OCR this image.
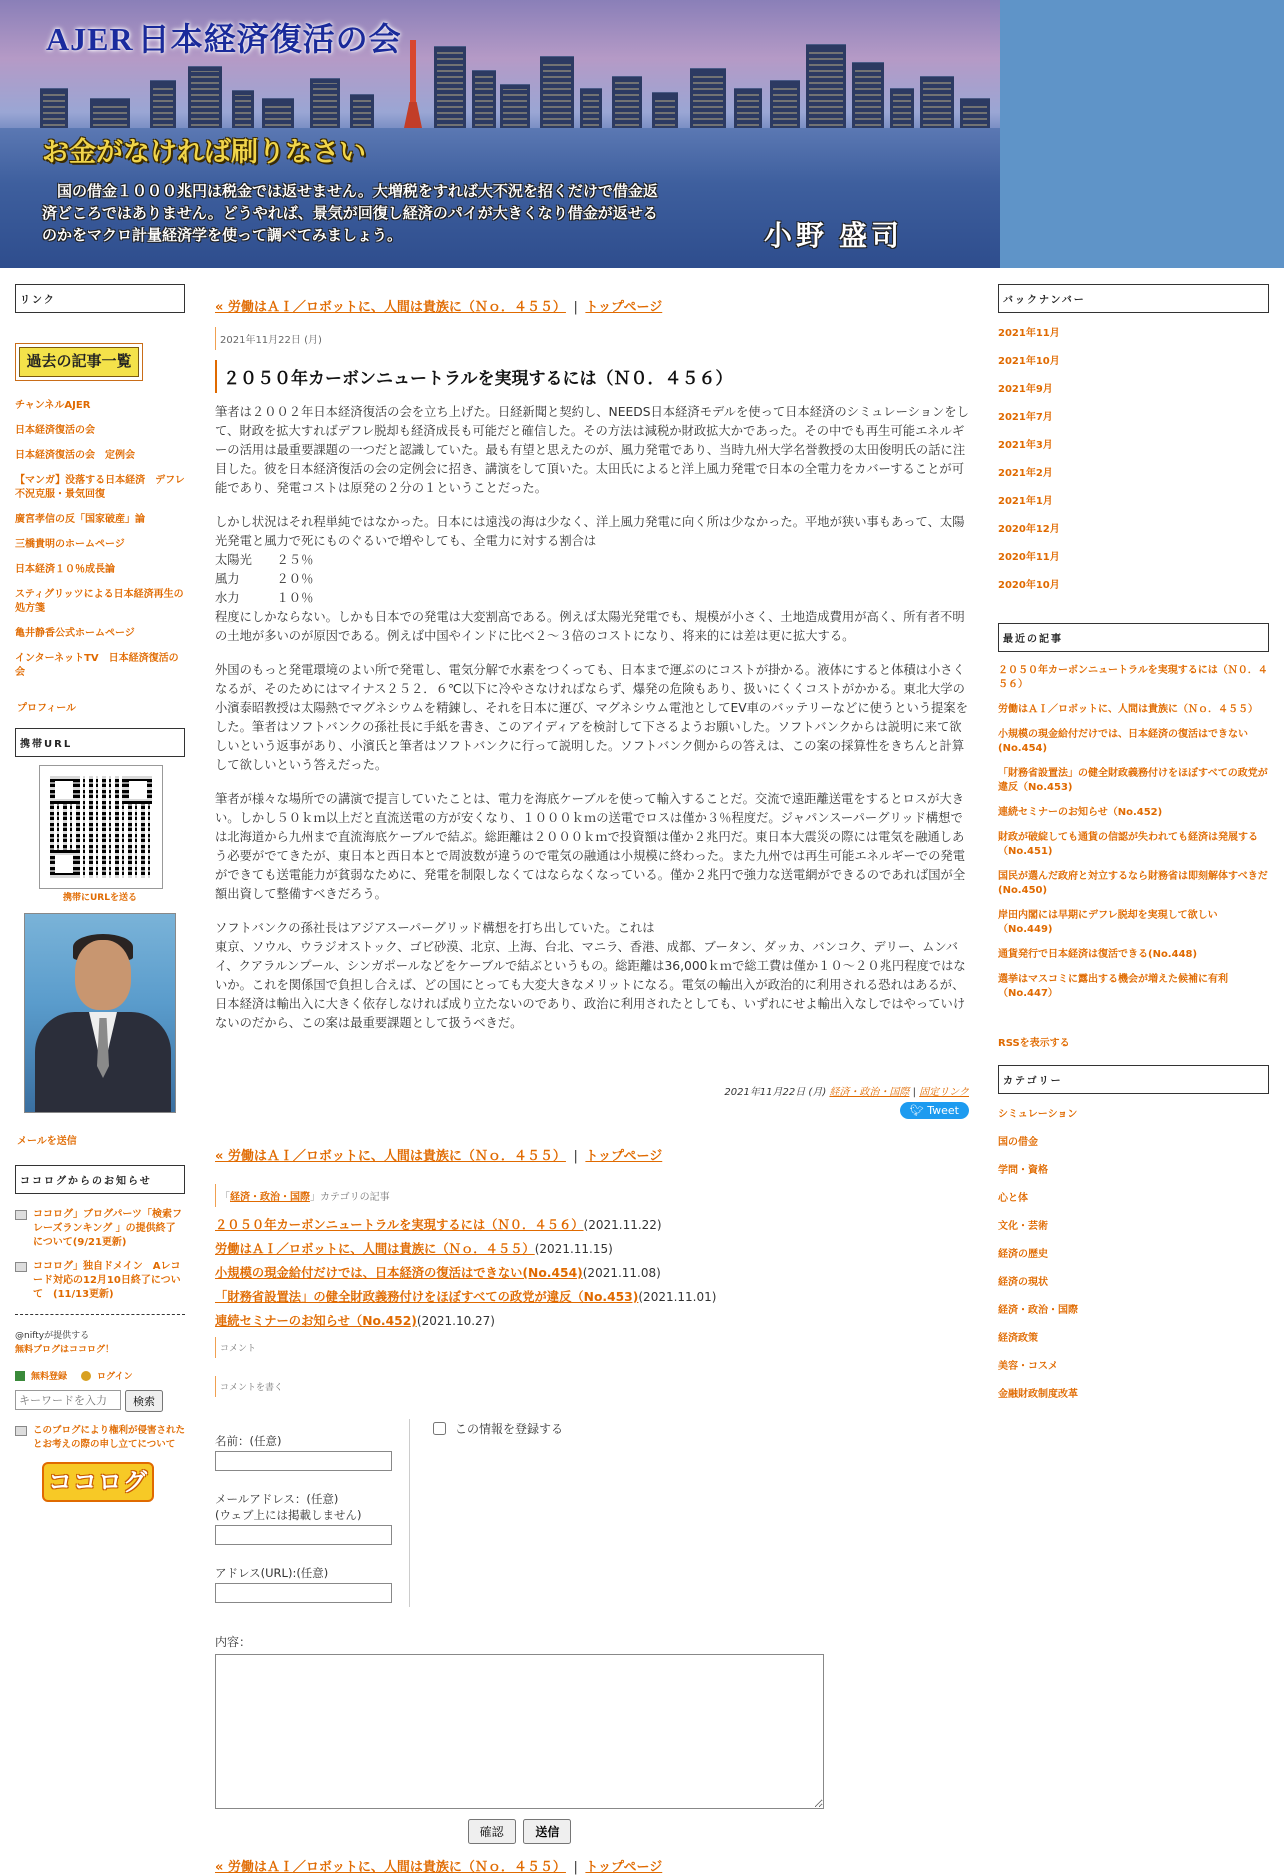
AJER 日本経済復活の会
お金がなければ刷りなさい
　国の借金１０００兆円は税金では返せません。大増税をすれば大不況を招くだけで借金返済どころではありません。どうやれば、景気が回復し経済のパイが大きくなり借金が返せるのかをマクロ計量経済学を使って調べてみましょう。	小野 盛司
リンク
過去の記事一覧
チャンネルAJER
日本経済復活の会
日本経済復活の会　定例会
【マンガ】没落する日本経済　デフレ不況克服・景気回復
廣宮孝信の反「国家破産」論
三橋貴明のホームページ
日本経済１０％成長論
スティグリッツによる日本経済再生の処方箋
亀井静香公式ホームページ
インターネットTV　日本経済復活の会
プロフィール
携帯URL
携帯にURLを送る
メールを送信
ココログからのお知らせ
ココログ」ブログパーツ「検索フレーズランキング 」の提供終了について(9/21更新)
ココログ」独自ドメイン　Aレコード対応の12月10日終了について　(11/13更新)
@niftyが提供する
無料ブログはココログ！
無料登録	ログイン
キーワードを入力
検索
このブログにより権利が侵害されたとお考えの際の申し立てについて
ココログ
« 労働はＡＩ／ロボットに、人間は貴族に（Ｎｏ．４５５） | トップページ
2021年11月22日 (月)
２０５０年カーボンニュートラルを実現するには（Ｎ０．４５６）

筆者は２００２年日本経済復活の会を立ち上げた。日経新聞と契約し、NEEDS日本経済モデルを使って日本経済のシミュレーションをして、財政を拡大すればデフレ脱却も経済成長も可能だと確信した。その方法は減税か財政拡大かであった。その中でも再生可能エネルギーの活用は最重要課題の一つだと認識していた。最も有望と思えたのが、風力発電であり、当時九州大学名誉教授の太田俊明氏の話に注目した。彼を日本経済復活の会の定例会に招き、講演をして頂いた。太田氏によると洋上風力発電で日本の全電力をカバーすることが可能であり、発電コストは原発の２分の１ということだった。

しかし状況はそれ程単純ではなかった。日本には遠浅の海は少なく、洋上風力発電に向く所は少なかった。平地が狭い事もあって、太陽光発電と風力で死にものぐるいで増やしても、全電力に対する割合は
太陽光　　２５％
風力　　　２０％
水力　　　１０％
程度にしかならない。しかも日本での発電は大変割高である。例えば太陽光発電でも、規模が小さく、土地造成費用が高く、所有者不明の土地が多いのが原因である。例えば中国やインドに比べ２～３倍のコストになり、将来的には差は更に拡大する。

外国のもっと発電環境のよい所で発電し、電気分解で水素をつくっても、日本まで運ぶのにコストが掛かる。液体にすると体積は小さくなるが、そのためにはマイナス２５２．６℃以下に冷やさなければならず、爆発の危険もあり、扱いにくくコストがかかる。東北大学の小濱泰昭教授は太陽熱でマグネシウムを精錬し、それを日本に運び、マグネシウム電池としてEV車のバッテリーなどに使うという提案をした。筆者はソフトバンクの孫社長に手紙を書き、このアイディアを検討して下さるようお願いした。ソフトバンクからは説明に来て欲しいという返事があり、小濱氏と筆者はソフトバンクに行って説明した。ソフトバンク側からの答えは、この案の採算性をきちんと計算して欲しいという答えだった。

筆者が様々な場所での講演で提言していたことは、電力を海底ケーブルを使って輸入することだ。交流で遠距離送電をするとロスが大きい。しかし５０ｋｍ以上だと直流送電の方が安くなり、１０００ｋｍの送電でロスは僅か３％程度だ。ジャパンスーパーグリッド構想では北海道から九州まで直流海底ケーブルで結ぶ。総距離は２０００ｋｍで投資額は僅か２兆円だ。東日本大震災の際には電気を融通しあう必要がでてきたが、東日本と西日本とで周波数が違うので電気の融通は小規模に終わった。また九州では再生可能エネルギーでの発電ができても送電能力が貧弱なために、発電を制限しなくてはならなくなっている。僅か２兆円で強力な送電網ができるのであれば国が全額出資して整備すべきだろう。

ソフトバンクの孫社長はアジアスーパーグリッド構想を打ち出していた。これは
東京、ソウル、ウラジオストック、ゴビ砂漠、北京、上海、台北、マニラ、香港、成都、ブータン、ダッカ、バンコク、デリー、ムンバイ、クアラルンプール、シンガポールなどをケーブルで結ぶというもの。総距離は36,000ｋｍで総工費は僅か１０～２０兆円程度ではないか。これを関係国で負担し合えば、どの国にとっても大変大きなメリットになる。電気の輸出入が政治的に利用される恐れはあるが、日本経済は輸出入に大きく依存しなければ成り立たないのであり、政治に利用されたとしても、いずれにせよ輸出入なしではやっていけないのだから、この案は最重要課題として扱うべきだ。

2021年11月22日 (月) 経済・政治・国際 | 固定リンク
🐦︎ Tweet
« 労働はＡＩ／ロボットに、人間は貴族に（Ｎｏ．４５５） | トップページ
「経済・政治・国際」カテゴリの記事
２０５０年カーボンニュートラルを実現するには（Ｎ０．４５６）(2021.11.22)
労働はＡＩ／ロボットに、人間は貴族に（Ｎｏ．４５５）(2021.11.15)
小規模の現金給付だけでは、日本経済の復活はできない(No.454)(2021.11.08)
「財務省設置法」の健全財政義務付けをほぼすべての政党が違反（No.453)(2021.11.01)
連続セミナーのお知らせ（No.452)(2021.10.27)
コメント
コメントを書く
名前：(任意)
メールアドレス：(任意)
(ウェブ上には掲載しません)
アドレス(URL):(任意)
この情報を登録する
内容：
確認	送信
« 労働はＡＩ／ロボットに、人間は貴族に（Ｎｏ．４５５） | トップページ
バックナンバー
2021年11月
2021年10月
2021年9月
2021年7月
2021年3月
2021年2月
2021年1月
2020年12月
2020年11月
2020年10月
最近の記事
２０５０年カーボンニュートラルを実現するには（Ｎ０．４５６）
労働はＡＩ／ロボットに、人間は貴族に（Ｎｏ．４５５）
小規模の現金給付だけでは、日本経済の復活はできない(No.454)
「財務省設置法」の健全財政義務付けをほぼすべての政党が違反（No.453)
連続セミナーのお知らせ（No.452)
財政が破綻しても通貨の信認が失われても経済は発展する（No.451)
国民が選んだ政府と対立するなら財務省は即刻解体すべきだ(No.450)
岸田内閣には早期にデフレ脱却を実現して欲しい（No.449)
通貨発行で日本経済は復活できる(No.448)
選挙はマスコミに露出する機会が増えた候補に有利（No.447）
RSSを表示する
カテゴリー
シミュレーション
国の借金
学問・資格
心と体
文化・芸術
経済の歴史
経済の現状
経済・政治・国際
経済政策
美容・コスメ
金融財政制度改革
